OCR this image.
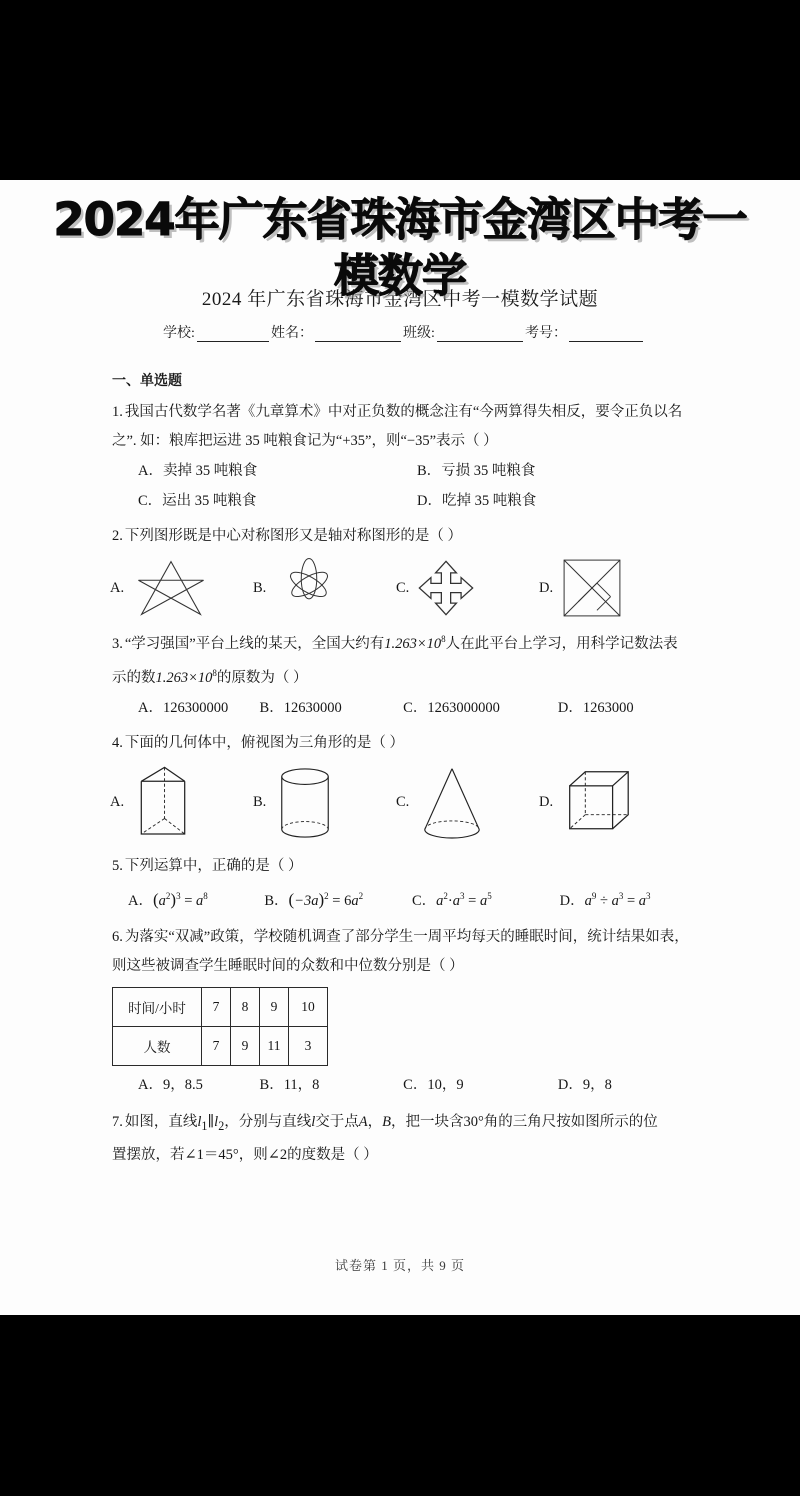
2024年广东省珠海市金湾区中考一
模数学
2024 年广东省珠海市金湾区中考一模数学试题
学校:	姓名：	班级:	考号：
一、单选题
1. 我国古代数学名著《九章算术》中对正负数的概念注有“今两算得失相反，要令正负以名
之”. 如：粮库把运进 35 吨粮食记为“+35”，则“−35”表示（ ）
A．卖掉 35 吨粮食	B．亏损 35 吨粮食
C．运出 35 吨粮食	D．吃掉 35 吨粮食
2. 下列图形既是中心对称图形又是轴对称图形的是（ ）
A.	B.	C.	D.
3. “学习强国”平台上线的某天，全国大约有$1.263\times 10^8$人在此平台上学习，用科学记数法表
示的数$1.263\times 10^8$的原数为（ ）
A．126300000	B．12630000	C．1263000000	D．1263000
4. 下面的几何体中，俯视图为三角形的是（ ）
A.	B.	C.	D.
5. 下列运算中，正确的是（ ）
A．$(a^2)^3 = a^8$	B．$(-3a)^2 = 6a^2$	C．$a^2\cdot a^3 = a^5$	D．$a^9 \div a^3 = a^3$
6. 为落实“双减”政策，学校随机调查了部分学生一周平均每天的睡眠时间，统计结果如表，
则这些被调查学生睡眠时间的众数和中位数分别是（ ）
时间/小时	7	8	9	10
人数	7	9	11	3
A．9，8.5	B．11，8	C．10，9	D．9，8
7. 如图，直线$l_1\parallel l_2$，分别与直线l交于点A，B，把一块含30°角的三角尺按如图所示的位
置摆放，若∠1＝45°，则∠2的度数是（ ）
试卷第 1 页，共 9 页
